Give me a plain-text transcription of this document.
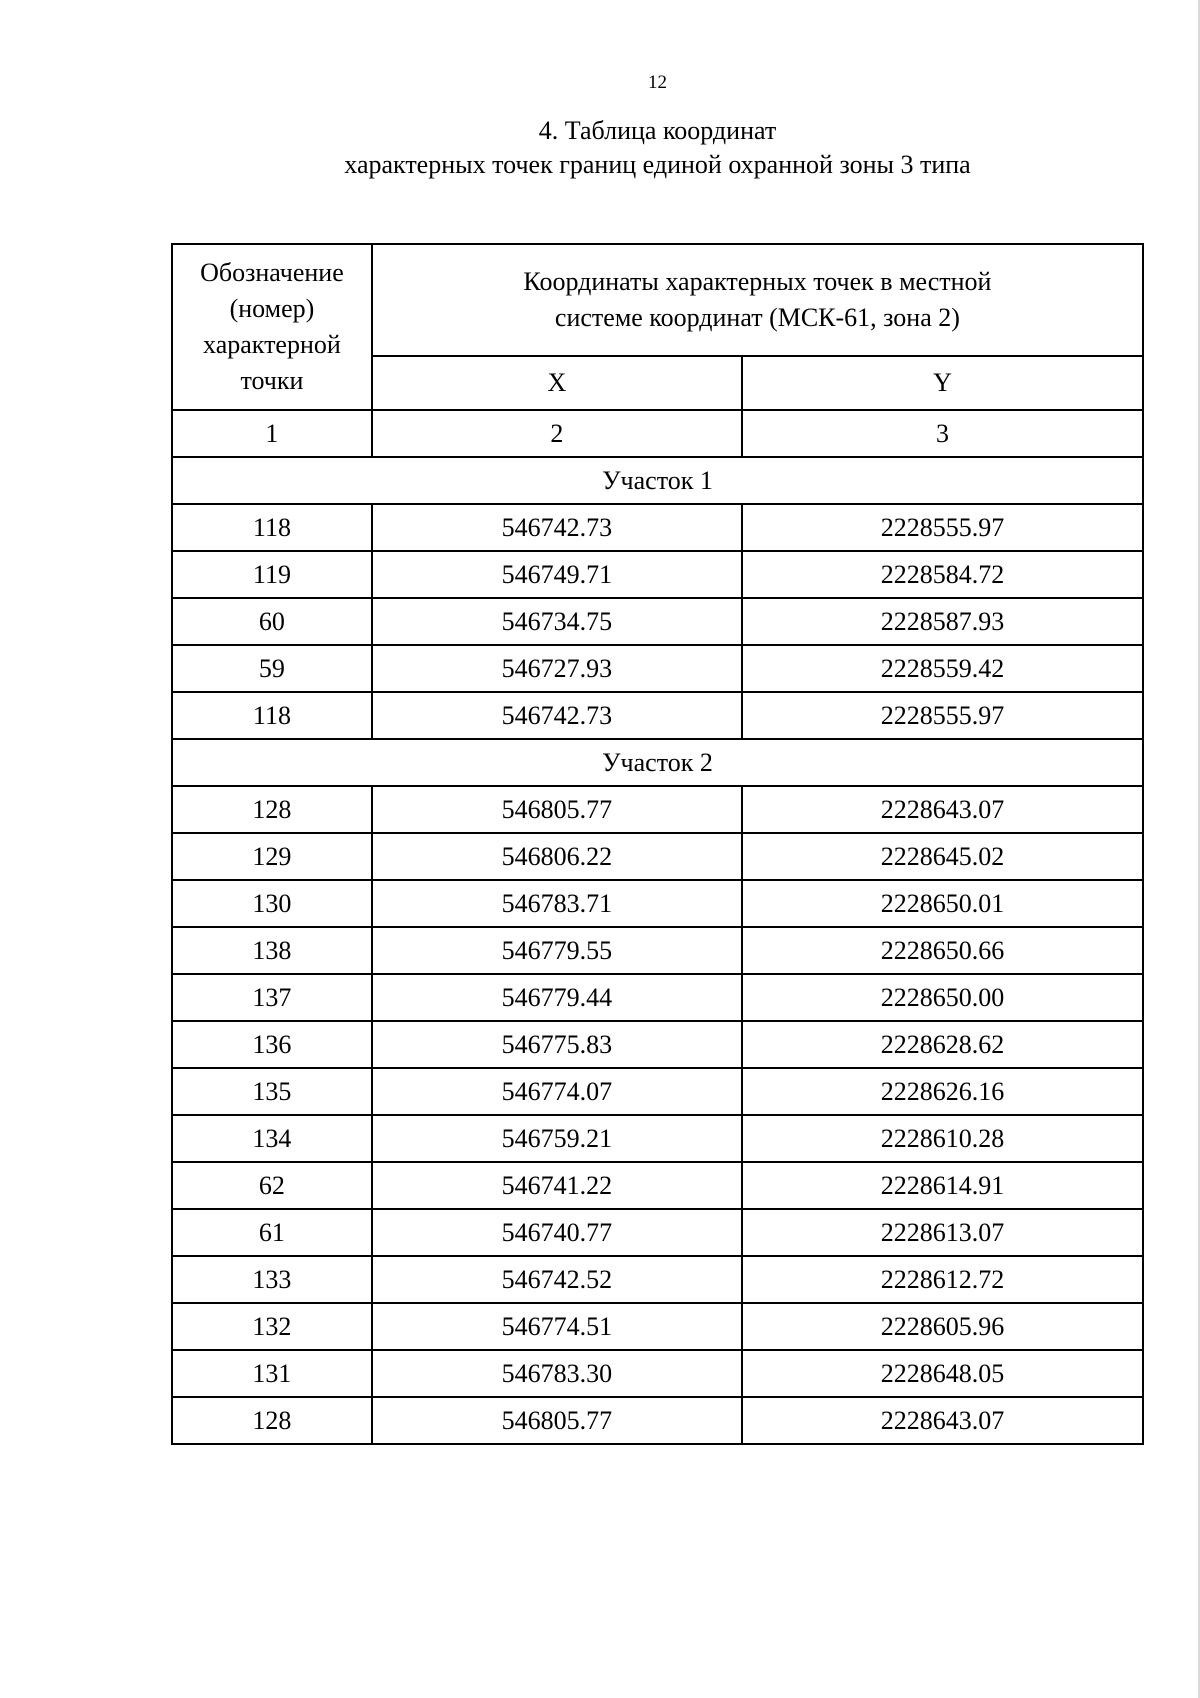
12
4. Таблица координат
характерных точек границ единой охранной зоны 3 типа
Обозначение (номер) характерной точки	Координаты характерных точек в местной системе координат (МСК-61, зона 2)	
	X	Y
1	2	3
Участок 1		
118	546742.73	2228555.97
119	546749.71	2228584.72
60	546734.75	2228587.93
59	546727.93	2228559.42
118	546742.73	2228555.97
Участок 2		
128	546805.77	2228643.07
129	546806.22	2228645.02
130	546783.71	2228650.01
138	546779.55	2228650.66
137	546779.44	2228650.00
136	546775.83	2228628.62
135	546774.07	2228626.16
134	546759.21	2228610.28
62	546741.22	2228614.91
61	546740.77	2228613.07
133	546742.52	2228612.72
132	546774.51	2228605.96
131	546783.30	2228648.05
128	546805.77	2228643.07
